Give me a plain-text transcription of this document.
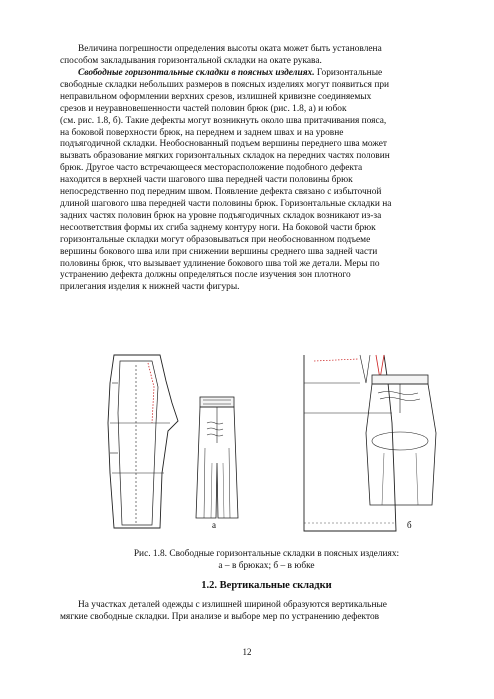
Величина погрешности определения высоты оката может быть установлена
способом закладывания горизонтальной складки на окате рукава.
Свободные горизонтальные складки в поясных изделиях. Горизонтальные
свободные складки небольших размеров в поясных изделиях могут появиться при
неправильном оформлении верхних срезов, излишней кривизне соединяемых
срезов и неуравновешенности частей половин брюк (рис. 1.8, а) и юбок
(см. рис. 1.8, б). Такие дефекты могут возникнуть около шва притачивания пояса,
на боковой поверхности брюк, на переднем и заднем швах и на уровне
подъягодичной складки. Необоснованный подъем вершины переднего шва может
вызвать образование мягких горизонтальных складок на передних частях половин
брюк. Другое часто встречающееся месторасположение подобного дефекта
находится в верхней части шагового шва передней части половины брюк
непосредственно под передним швом. Появление дефекта связано с избыточной
длиной шагового шва передней части половины брюк. Горизонтальные складки на
задних частях половин брюк на уровне подъягодичных складок возникают из-за
несоответствия формы их сгиба заднему контуру ноги. На боковой части брюк
горизонтальные складки могут образовываться при необоснованном подъеме
вершины бокового шва или при снижении вершины среднего шва задней части
половины брюк, что вызывает удлинение бокового шва той же детали. Меры по
устранению дефекта должны определяться после изучения зон плотного
прилегания изделия к нижней части фигуры.
а	б
Рис. 1.8. Свободные горизонтальные складки в поясных изделиях:
а – в брюках; б – в юбке
1.2. Вертикальные складки
На участках деталей одежды с излишней шириной образуются вертикальные
мягкие свободные складки. При анализе и выборе мер по устранению дефектов
12
